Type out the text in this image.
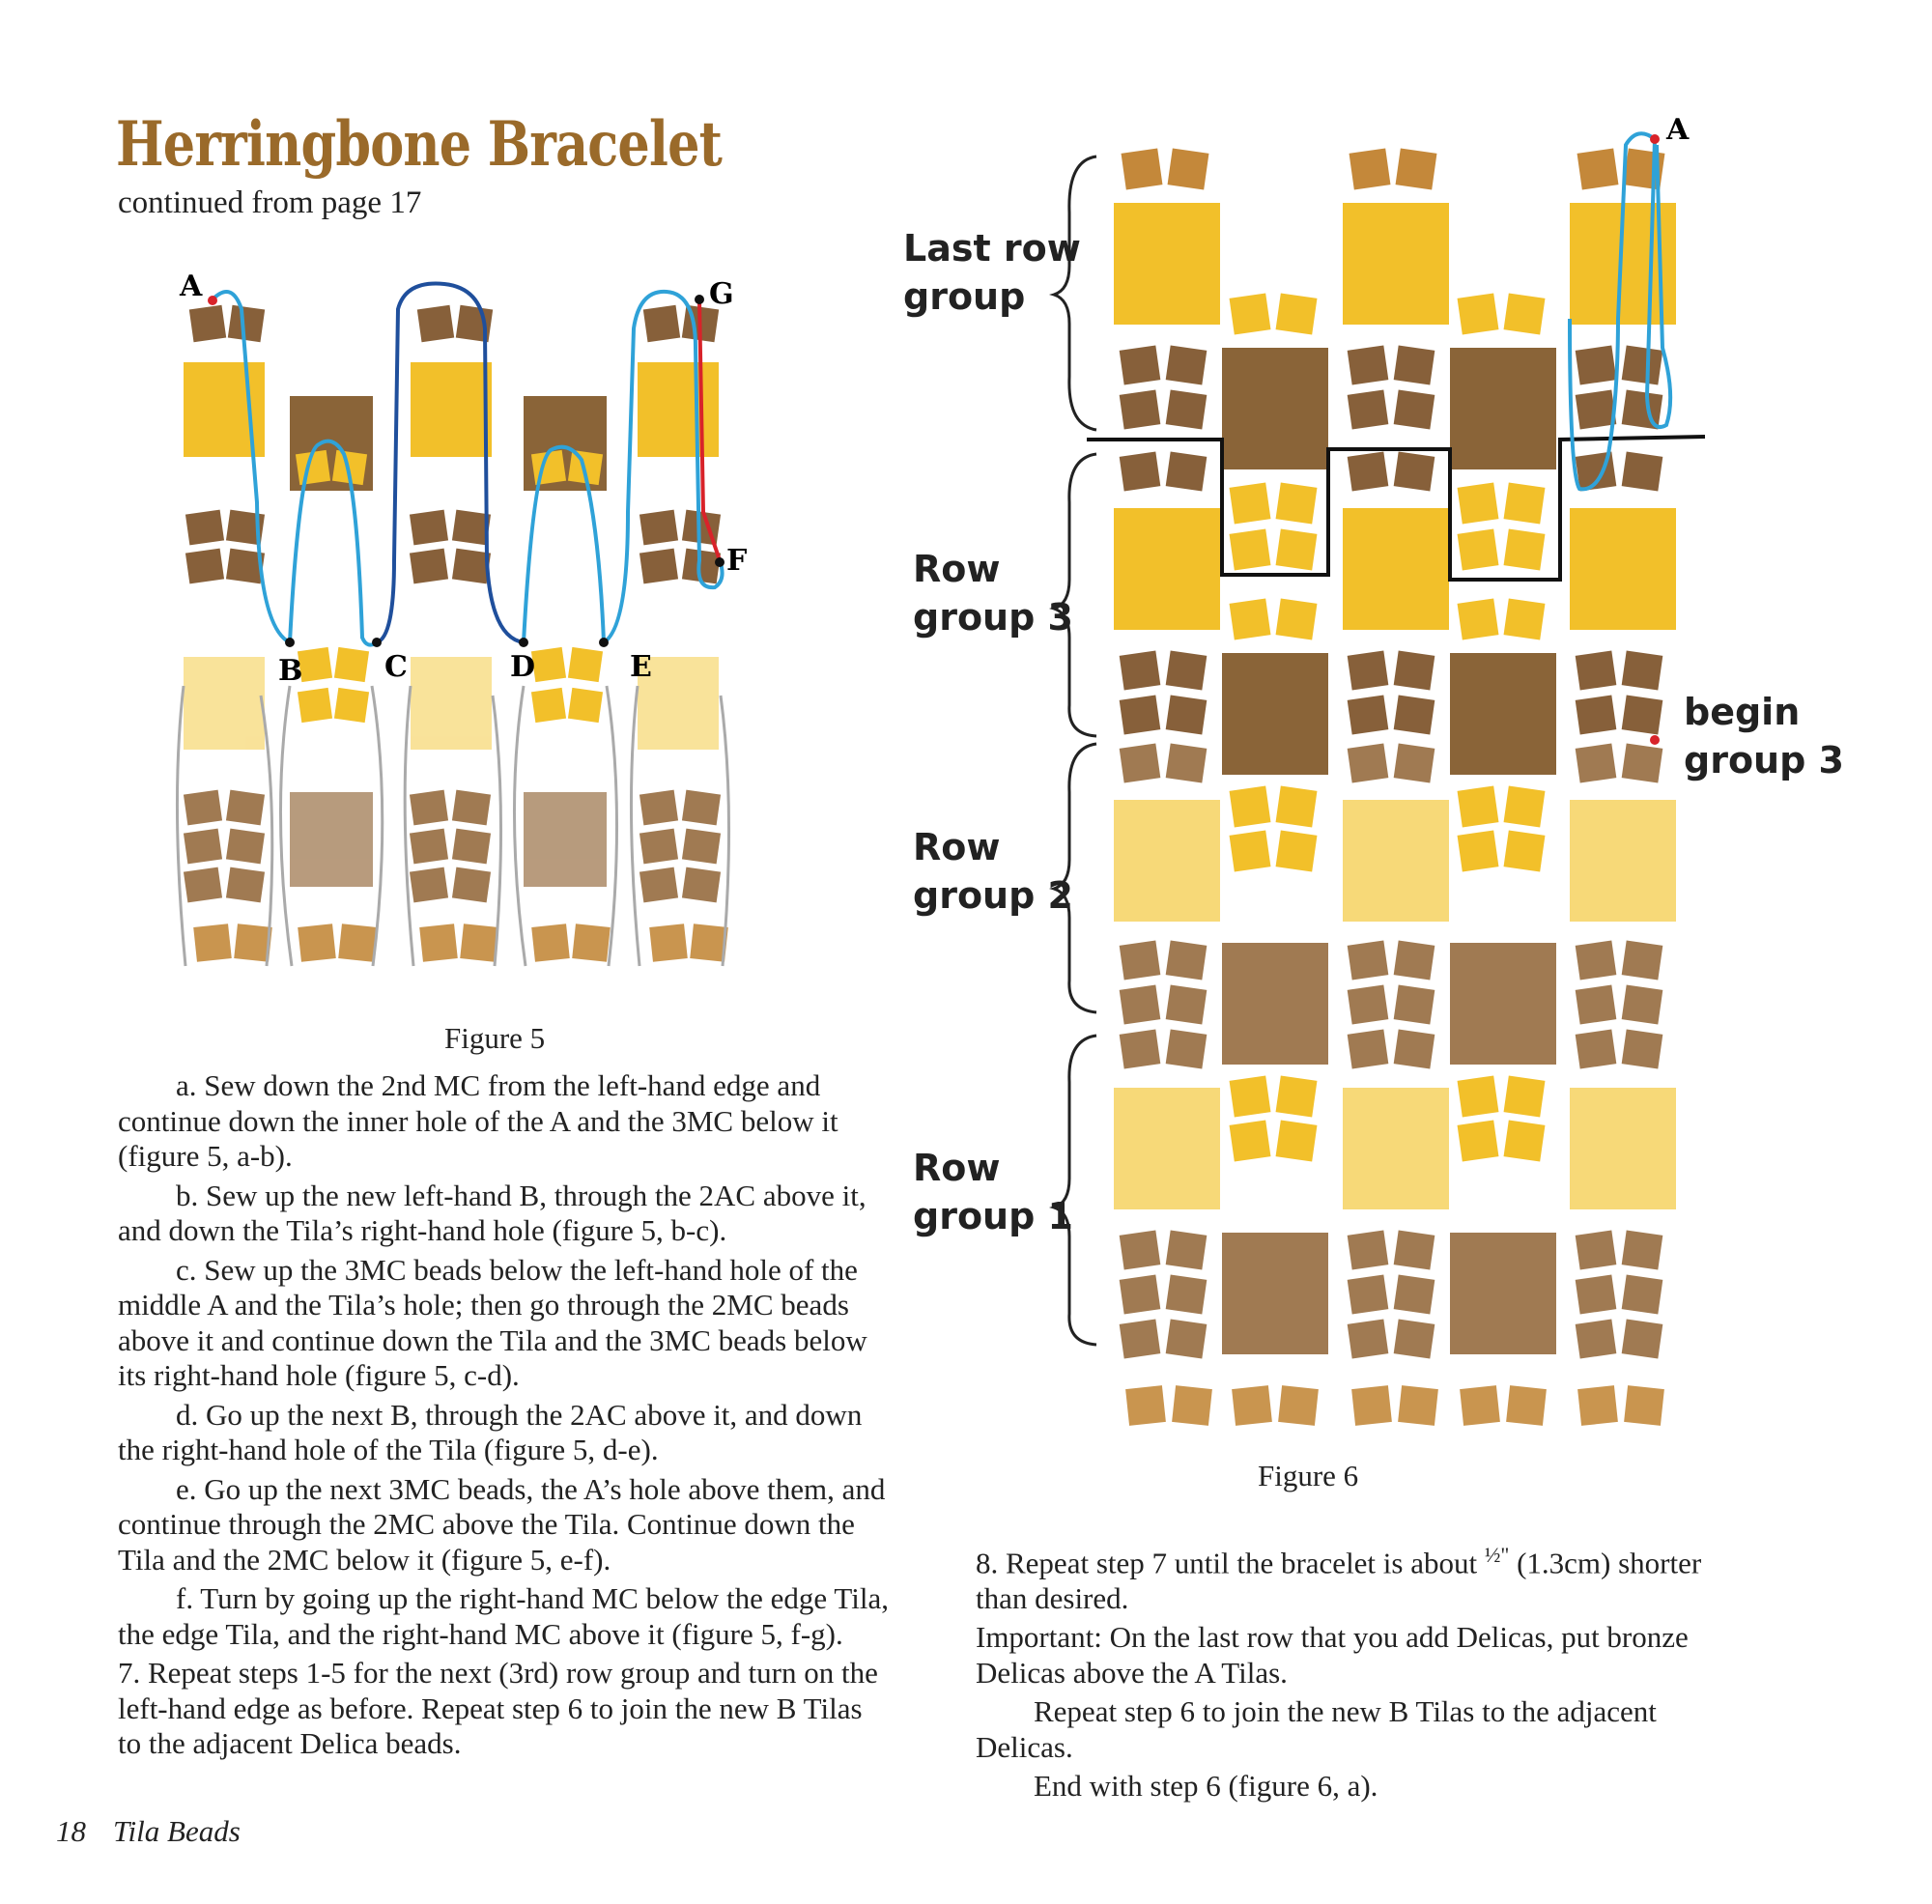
Herringbone Bracelet
continued from page 17
A
B	C	D	E
F
G
Figure 5

a. Sew down the 2nd MC from the left-hand edge and continue down the inner hole of the A and the 3MC below it (figure 5, a-b).

b. Sew up the new left-hand B, through the 2AC above it, and down the Tila’s right-hand hole (figure 5, b-c).

c. Sew up the 3MC beads below the left-hand hole of the middle A and the Tila’s hole; then go through the 2MC beads above it and continue down the Tila and the 3MC beads below its right-hand hole (figure 5, c-d).

d. Go up the next B, through the 2AC above it, and down the right-hand hole of the Tila (figure 5, d-e).

e. Go up the next 3MC beads, the A’s hole above them, and continue through the 2MC above the Tila. Continue down the Tila and the 2MC below it (figure 5, e-f).

f. Turn by going up the right-hand MC below the edge Tila, the edge Tila, and the right-hand MC above it (figure 5, f-g).

7. Repeat steps 1-5 for the next (3rd) row group and turn on the left-hand edge as before. Repeat step 6 to join the new B Tilas to the adjacent Delica beads.

Last row
group
Row
group 3
Row
group 2
Row
group 1
begin
group 3
A
Figure 6

8. Repeat step 7 until the bracelet is about $^{\frac{1}{2}"}$ (1.3cm) shorter than desired.

Important: On the last row that you add Delicas, put bronze Delicas above the A Tilas.

Repeat step 6 to join the new B Tilas to the adjacent Delicas.

End with step 6 (figure 6, a).

18 Tila Beads
